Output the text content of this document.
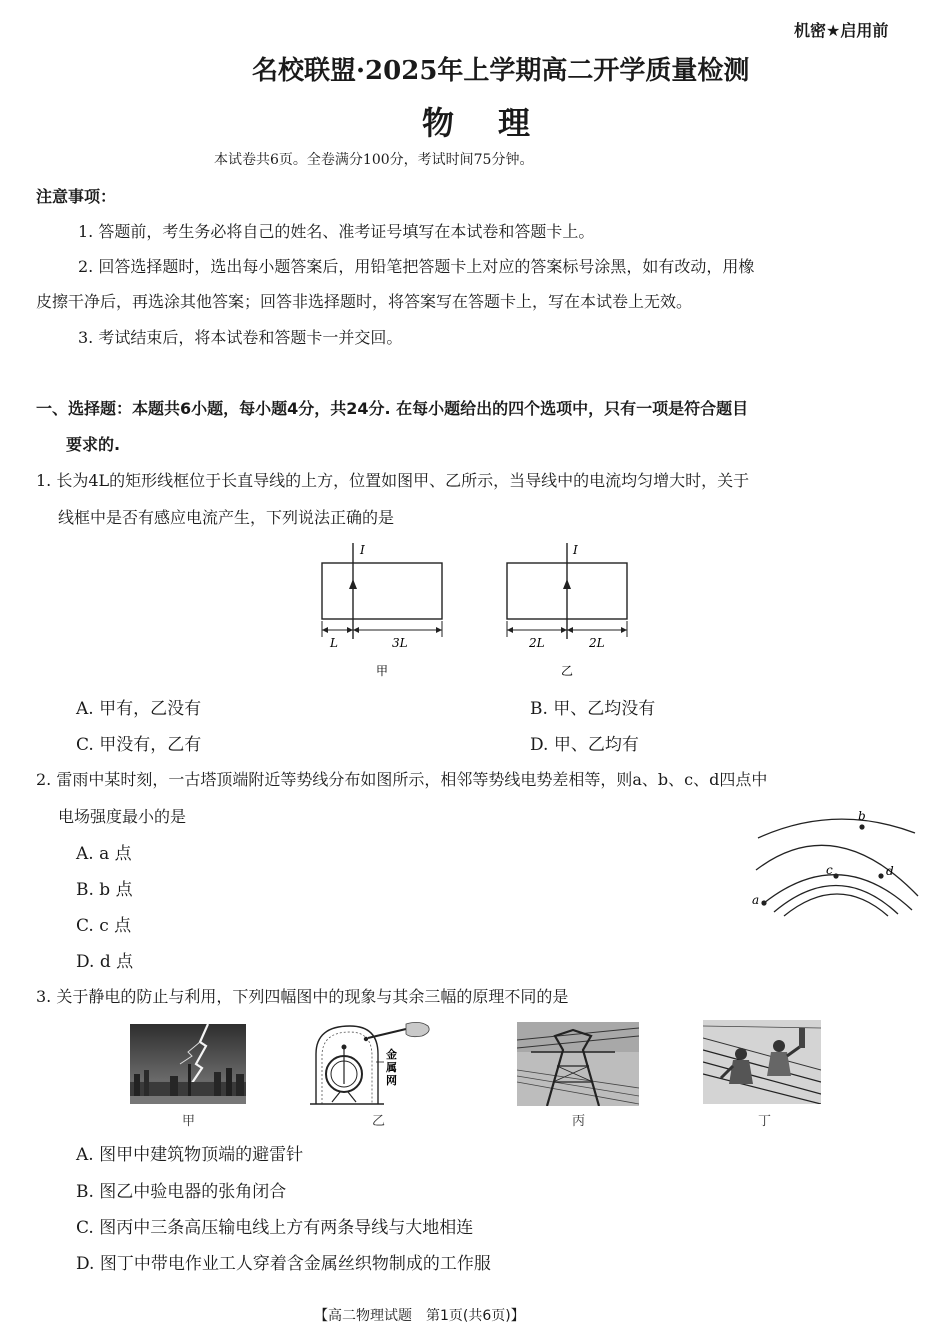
机密★启用前
名校联盟·2025年上学期高二开学质量检测
物　理
本试卷共6页。全卷满分100分，考试时间75分钟。
注意事项：
1. 答题前，考生务必将自己的姓名、准考证号填写在本试卷和答题卡上。
2. 回答选择题时，选出每小题答案后，用铅笔把答题卡上对应的答案标号涂黑，如有改动，用橡
皮擦干净后，再选涂其他答案；回答非选择题时，将答案写在答题卡上，写在本试卷上无效。
3. 考试结束后，将本试卷和答题卡一并交回。
一、选择题：本题共6小题，每小题4分，共24分. 在每小题给出的四个选项中，只有一项是符合题目
要求的.
1. 长为4L的矩形线框位于长直导线的上方，位置如图甲、乙所示，当导线中的电流均匀增大时，关于
线框中是否有感应电流产生，下列说法正确的是
I
L	3L
甲
I
2L	2L
乙
A. 甲有，乙没有	B. 甲、乙均没有
C. 甲没有，乙有	D. 甲、乙均有
2. 雷雨中某时刻，一古塔顶端附近等势线分布如图所示，相邻等势线电势差相等，则a、b、c、d四点中
电场强度最小的是
A. a 点
B. b 点
C. c 点
D. d 点
b
c	d
a
3. 关于静电的防止与利用，下列四幅图中的现象与其余三幅的原理不同的是
甲
金
属
网
乙	丙	丁
A. 图甲中建筑物顶端的避雷针
B. 图乙中验电器的张角闭合
C. 图丙中三条高压输电线上方有两条导线与大地相连
D. 图丁中带电作业工人穿着含金属丝织物制成的工作服
【高二物理试题　第1页(共6页)】
